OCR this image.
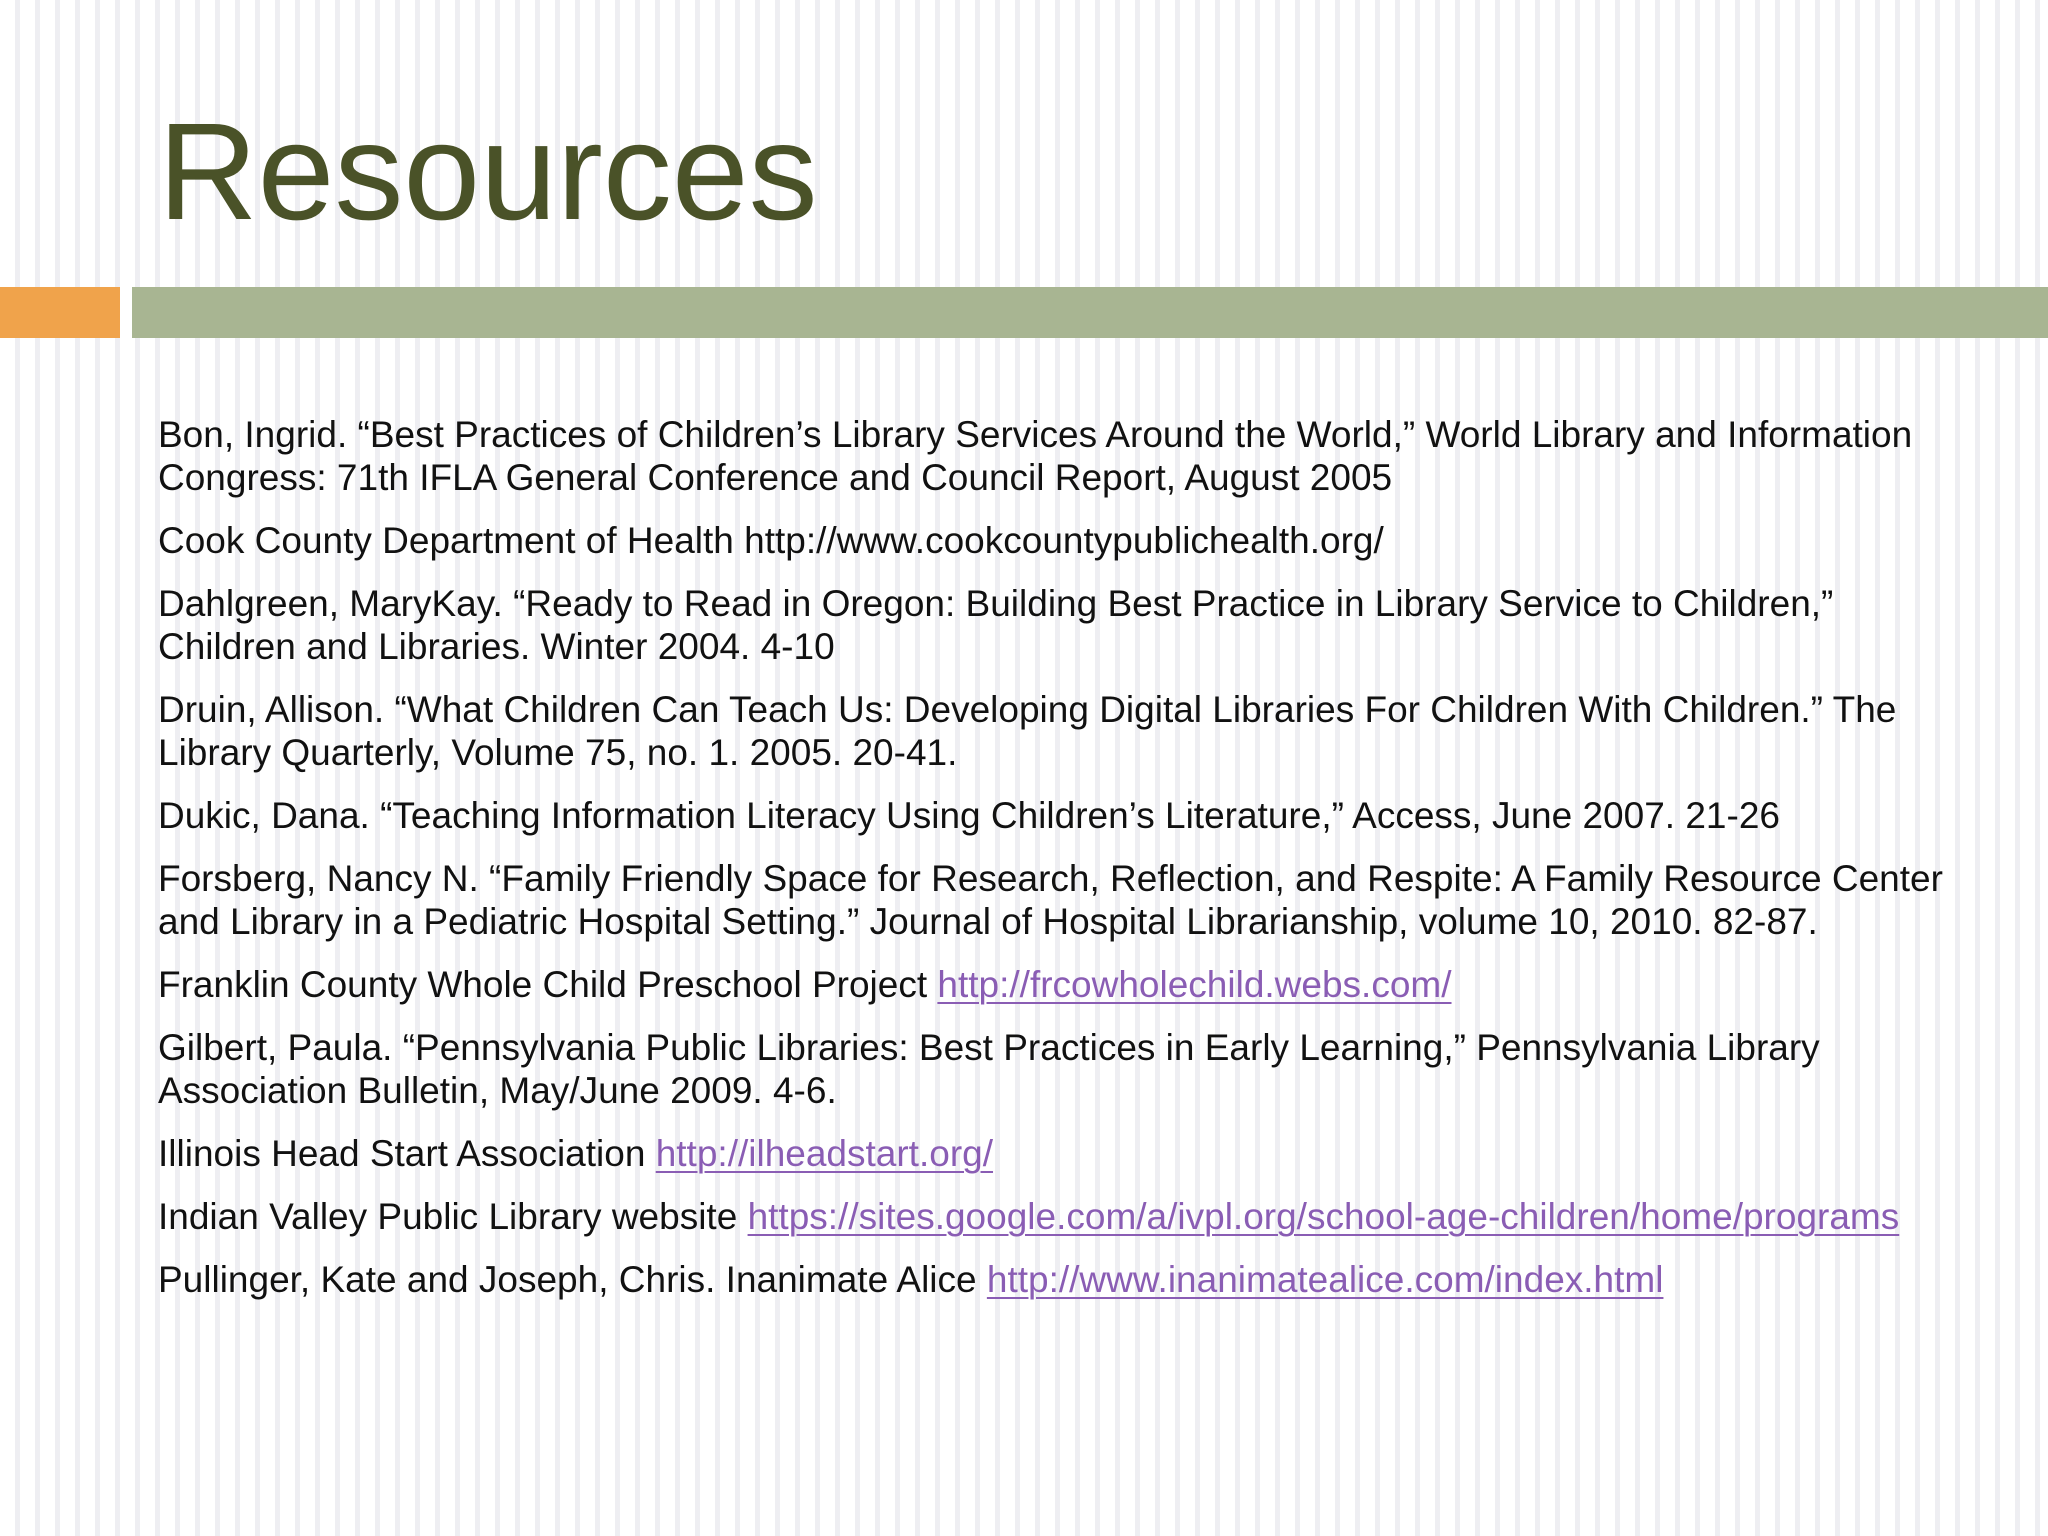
Resources
Bon, Ingrid. “Best Practices of Children’s Library Services Around the World,” World Library and Information Congress: 71th IFLA General Conference and Council Report, August 2005
Cook County Department of Health http://www.cookcountypublichealth.org/
Dahlgreen, MaryKay. “Ready to Read in Oregon: Building Best Practice in Library Service to Children,” Children and Libraries. Winter 2004. 4-10
Druin, Allison. “What Children Can Teach Us: Developing Digital Libraries For Children With Children.” The Library Quarterly, Volume 75, no. 1. 2005. 20-41.
Dukic, Dana. “Teaching Information Literacy Using Children’s Literature,” Access, June 2007. 21-26
Forsberg, Nancy N. “Family Friendly Space for Research, Reflection, and Respite: A Family Resource Center and Library in a Pediatric Hospital Setting.” Journal of Hospital Librarianship, volume 10, 2010. 82-87.
Franklin County Whole Child Preschool Project http://frcowholechild.webs.com/
Gilbert, Paula. “Pennsylvania Public Libraries: Best Practices in Early Learning,” Pennsylvania Library Association Bulletin, May/June 2009. 4-6.
Illinois Head Start Association http://ilheadstart.org/
Indian Valley Public Library website https://sites.google.com/a/ivpl.org/school-age-children/home/programs
Pullinger, Kate and Joseph, Chris. Inanimate Alice http://www.inanimatealice.com/index.html
